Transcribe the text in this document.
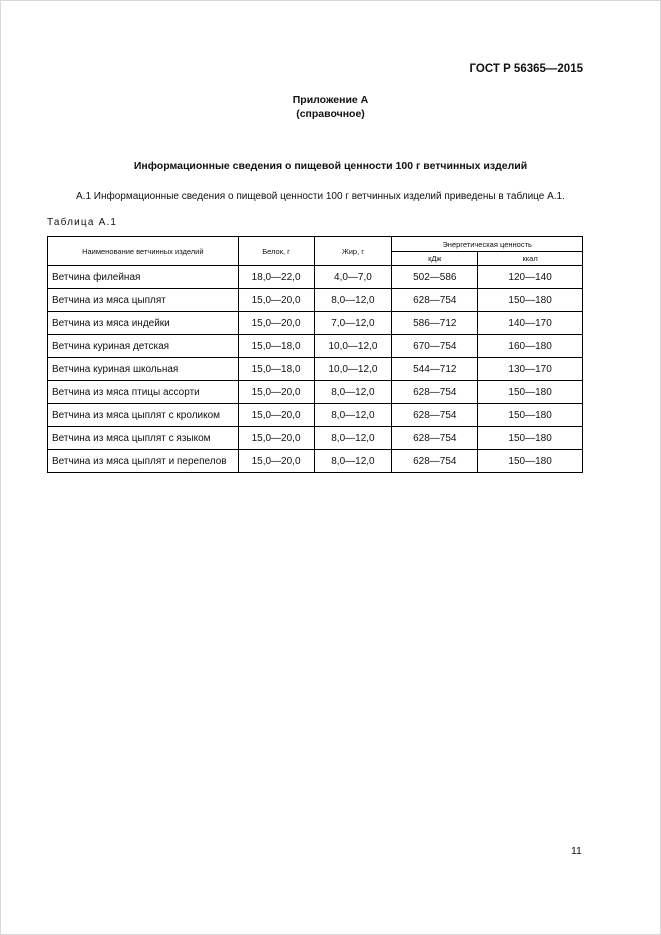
ГОСТ Р 56365—2015
Приложение А
(справочное)
Информационные сведения о пищевой ценности 100 г ветчинных изделий
А.1 Информационные сведения о пищевой ценности 100 г ветчинных изделий приведены в таблице А.1.
Таблица А.1
Наименование ветчинных изделий	Белок, г	Жир, г	Энергетическая ценность	
			кДж	ккал
Ветчина филейная	18,0—22,0	4,0—7,0	502—586	120—140
Ветчина из мяса цыплят	15,0—20,0	8,0—12,0	628—754	150—180
Ветчина из мяса индейки	15,0—20,0	7,0—12,0	586—712	140—170
Ветчина куриная детская	15,0—18,0	10,0—12,0	670—754	160—180
Ветчина куриная школьная	15,0—18,0	10,0—12,0	544—712	130—170
Ветчина из мяса птицы ассорти	15,0—20,0	8,0—12,0	628—754	150—180
Ветчина из мяса цыплят с кроликом	15,0—20,0	8,0—12,0	628—754	150—180
Ветчина из мяса цыплят с языком	15,0—20,0	8,0—12,0	628—754	150—180
Ветчина из мяса цыплят и перепелов	15,0—20,0	8,0—12,0	628—754	150—180
11
